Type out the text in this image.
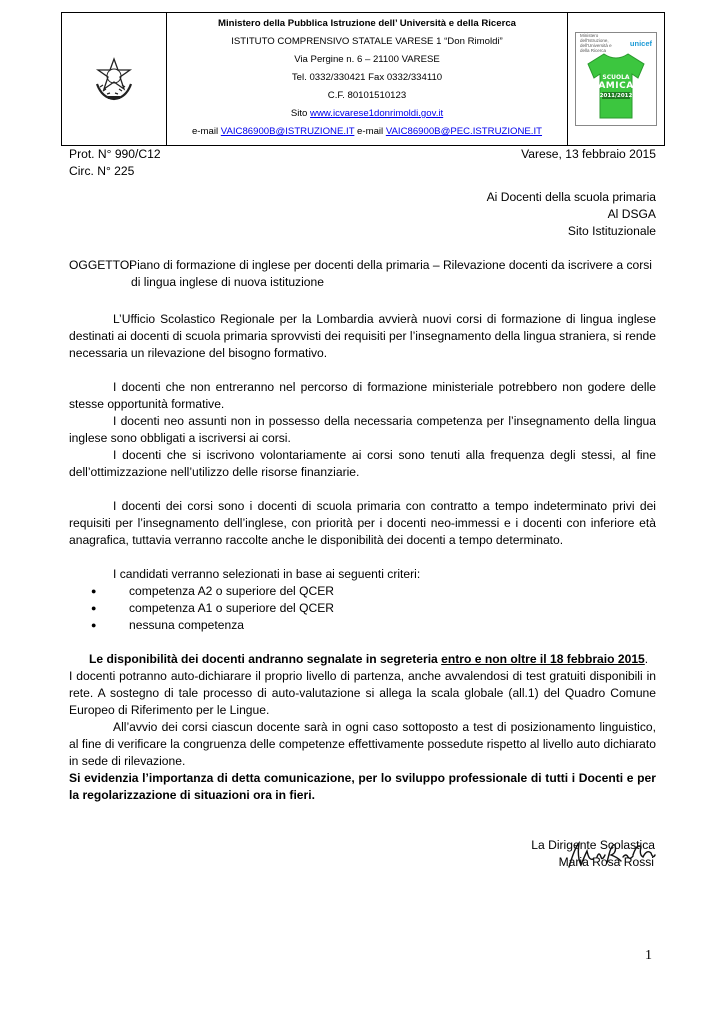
Ministero della Pubblica Istruzione dell’ Università e della Ricerca
ISTITUTO COMPRENSIVO STATALE VARESE 1 “Don Rimoldi”
Via Pergine n. 6 – 21100 VARESE
Tel. 0332/330421 Fax 0332/334110
C.F. 80101510123
Sito www.icvarese1donrimoldi.gov.it
e-mail VAIC86900B@ISTRUZIONE.IT e-mail VAIC86900B@PEC.ISTRUZIONE.IT
Ministero dell'Istruzione, dell'Università e della Ricerca
unicef
SCUOLA
AMICA
2011/2012
Prot. N° 990/C12	Varese, 13 febbraio 2015
Circ. N° 225
Ai Docenti della scuola primaria
Al DSGA
Sito Istituzionale
OGGETTO:
Piano di formazione di inglese per docenti della primaria – Rilevazione docenti da iscrivere a corsi di lingua inglese di nuova istituzione

L’Ufficio Scolastico Regionale per la Lombardia avvierà nuovi corsi di formazione di lingua inglese destinati ai docenti di scuola primaria sprovvisti dei requisiti per l’insegnamento della lingua straniera, si rende necessaria un rilevazione del bisogno formativo.

I docenti che non entreranno nel percorso di formazione ministeriale potrebbero non godere delle stesse opportunità formative.

I docenti neo assunti non in possesso della necessaria competenza per l’insegnamento della lingua inglese sono obbligati a iscriversi ai corsi.

I docenti che si iscrivono volontariamente ai corsi sono tenuti alla frequenza degli stessi, al fine dell’ottimizzazione nell’utilizzo delle risorse finanziarie.

I docenti dei corsi sono i docenti di scuola primaria con contratto a tempo indeterminato privi dei requisiti per l’insegnamento dell’inglese, con priorità per i docenti neo-immessi e i docenti con inferiore età anagrafica, tuttavia verranno raccolte anche le disponibilità dei docenti a tempo determinato.

I candidati verranno selezionati in base ai seguenti criteri:

● competenza A2 o superiore del QCER
● competenza A1 o superiore del QCER
● nessuna competenza

Le disponibilità dei docenti andranno segnalate in segreteria entro e non oltre il 18 febbraio 2015.

I docenti potranno auto-dichiarare il proprio livello di partenza, anche avvalendosi di test gratuiti disponibili in rete. A sostegno di tale processo di auto-valutazione si allega la scala globale (all.1) del Quadro Comune Europeo di Riferimento per le Lingue.

All’avvio dei corsi ciascun docente sarà in ogni caso sottoposto a test di posizionamento linguistico, al fine di verificare la congruenza delle competenze effettivamente possedute rispetto al livello auto dichiarato in sede di rilevazione.

Si evidenzia l’importanza di detta comunicazione, per lo sviluppo professionale di tutti i Docenti e per la regolarizzazione di situazioni ora in fieri.

La Dirigente Scolastica
Maria Rosa Rossi
1
